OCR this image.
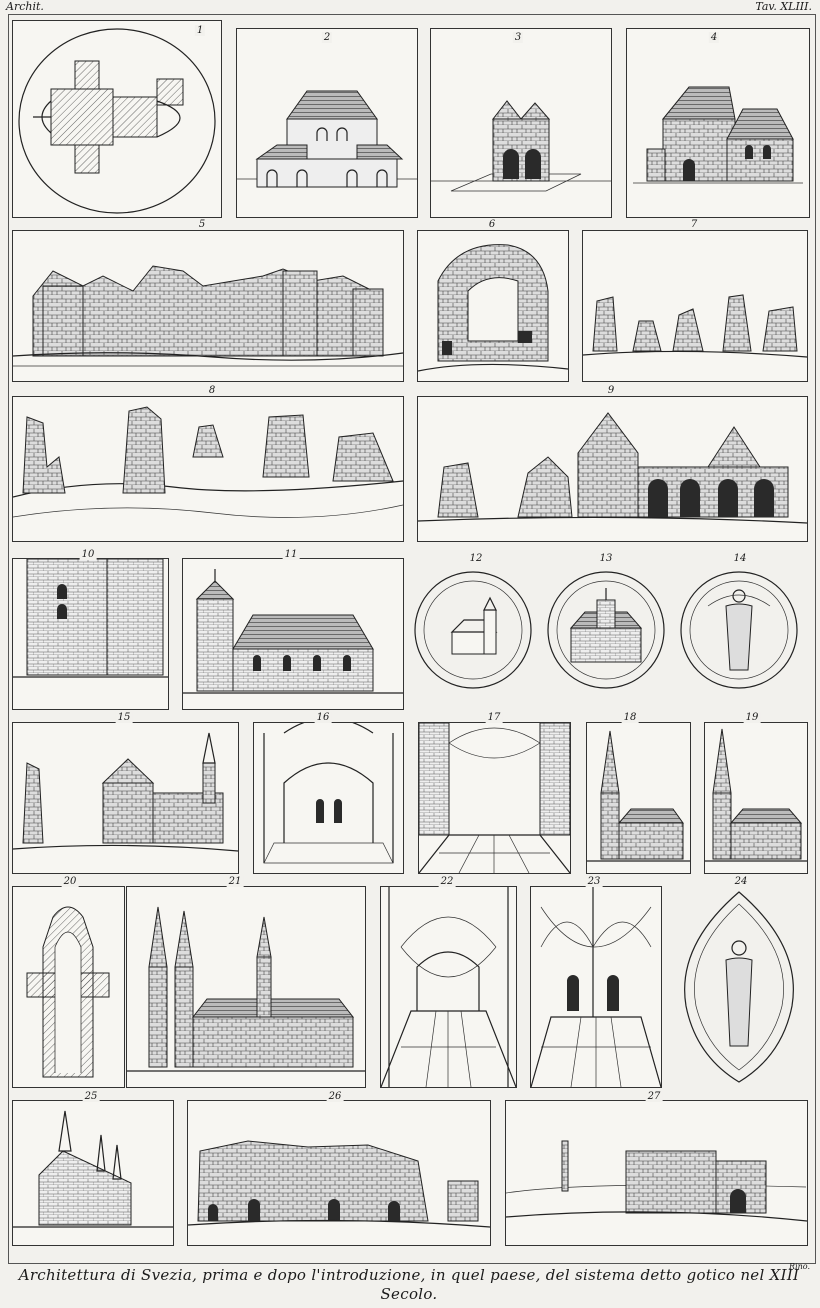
Archit.	Tav. XLIII.
1
2	3	4
5	6	7
8	9
10	11	12	13	14
15	16	17	18	19
20	21	22	23	24
25	26	27
Rino.
Architettura di Svezia, prima e dopo l'introduzione, in quel paese, del sistema detto gotico nel XIII
Secolo.
